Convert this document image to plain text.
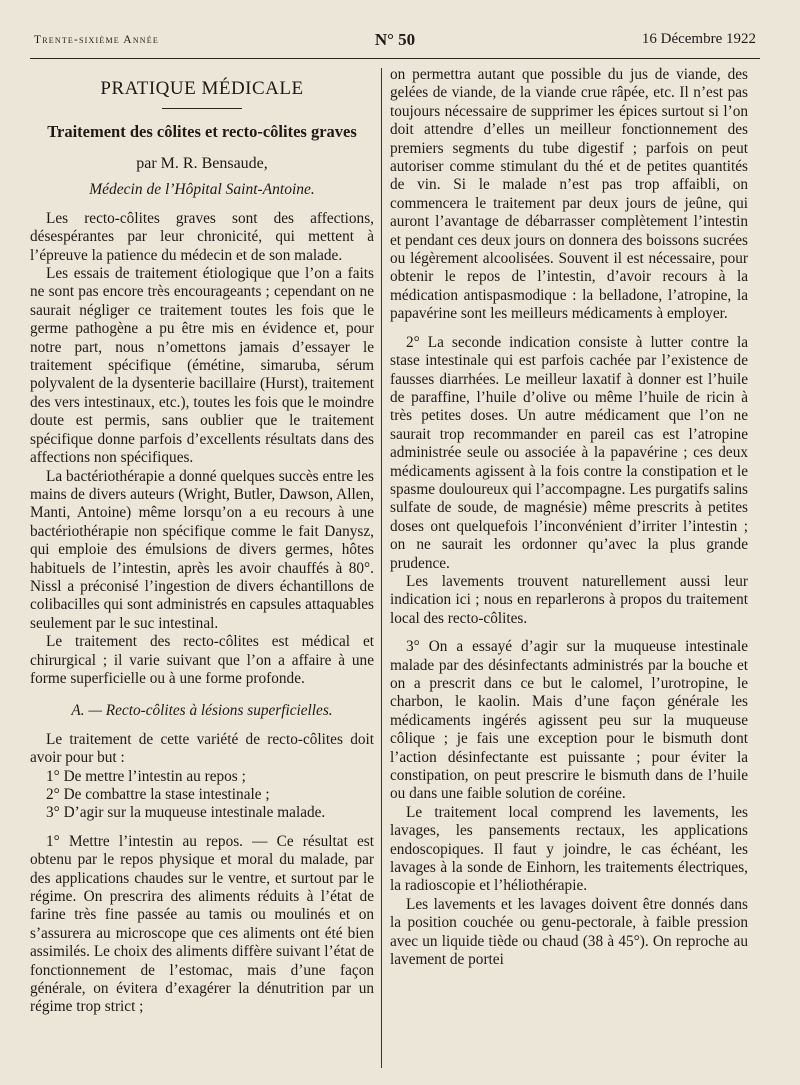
Trente-sixième Année	N° 50	16 Décembre 1922
PRATIQUE MÉDICALE
Traitement des côlites et recto-côlites graves
par M. R. Bensaude,
Médecin de l’Hôpital Saint-Antoine.

Les recto-côlites graves sont des affections, désespérantes par leur chronicité, qui mettent à l’épreuve la patience du médecin et de son malade.

Les essais de traitement étiologique que l’on a faits ne sont pas encore très encourageants ; cependant on ne saurait négliger ce traitement toutes les fois que le germe pathogène a pu être mis en évidence et, pour notre part, nous n’omettons jamais d’essayer le traitement spécifique (émétine, simaruba, sérum polyvalent de la dysenterie bacillaire (Hurst), traitement des vers intestinaux, etc.), toutes les fois que le moindre doute est permis, sans oublier que le traitement spécifique donne parfois d’excellents résultats dans des affections non spécifiques.

La bactériothérapie a donné quelques succès entre les mains de divers auteurs (Wright, Butler, Dawson, Allen, Manti, Antoine) même lorsqu’on a eu recours à une bactériothérapie non spécifique comme le fait Danysz, qui emploie des émulsions de divers germes, hôtes habituels de l’intestin, après les avoir chauffés à 80°. Nissl a préconisé l’ingestion de divers échantillons de colibacilles qui sont administrés en capsules attaquables seulement par le suc intestinal.

Le traitement des recto-côlites est médical et chirurgical ; il varie suivant que l’on a affaire à une forme superficielle ou à une forme profonde.

A. — Recto-côlites à lésions superficielles.

Le traitement de cette variété de recto-côlites doit avoir pour but :

1° De mettre l’intestin au repos ;

2° De combattre la stase intestinale ;

3° D’agir sur la muqueuse intestinale malade.

1° Mettre l’intestin au repos. — Ce résultat est obtenu par le repos physique et moral du malade, par des applications chaudes sur le ventre, et surtout par le régime. On prescrira des aliments réduits à l’état de farine très fine passée au tamis ou moulinés et on s’assurera au microscope que ces aliments ont été bien assimilés. Le choix des aliments diffère suivant l’état de fonctionnement de l’estomac, mais d’une façon générale, on évitera d’exagérer la dénutrition par un régime trop strict ;

on permettra autant que possible du jus de viande, des gelées de viande, de la viande crue râpée, etc. Il n’est pas toujours nécessaire de supprimer les épices surtout si l’on doit attendre d’elles un meilleur fonctionnement des premiers segments du tube digestif ; parfois on peut autoriser comme stimulant du thé et de petites quantités de vin. Si le malade n’est pas trop affaibli, on commencera le traitement par deux jours de jeûne, qui auront l’avantage de débarrasser complètement l’intestin et pendant ces deux jours on donnera des boissons sucrées ou légèrement alcoolisées. Souvent il est nécessaire, pour obtenir le repos de l’intestin, d’avoir recours à la médication antispasmodique : la belladone, l’atropine, la papavérine sont les meilleurs médicaments à employer.

2° La seconde indication consiste à lutter contre la stase intestinale qui est parfois cachée par l’existence de fausses diarrhées. Le meilleur laxatif à donner est l’huile de paraffine, l’huile d’olive ou même l’huile de ricin à très petites doses. Un autre médicament que l’on ne saurait trop recommander en pareil cas est l’atropine administrée seule ou associée à la papavérine ; ces deux médicaments agissent à la fois contre la constipation et le spasme douloureux qui l’accompagne. Les purgatifs salins sulfate de soude, de magnésie) même prescrits à petites doses ont quelquefois l’inconvénient d’irriter l’intestin ; on ne saurait les ordonner qu’avec la plus grande prudence.

Les lavements trouvent naturellement aussi leur indication ici ; nous en reparlerons à propos du traitement local des recto-côlites.

3° On a essayé d’agir sur la muqueuse intestinale malade par des désinfectants administrés par la bouche et on a prescrit dans ce but le calomel, l’urotropine, le charbon, le kaolin. Mais d’une façon générale les médicaments ingérés agissent peu sur la muqueuse côlique ; je fais une exception pour le bismuth dont l’action désinfectante est puissante ; pour éviter la constipation, on peut prescrire le bismuth dans de l’huile ou dans une faible solution de coréine.

Le traitement local comprend les lavements, les lavages, les pansements rectaux, les applications endoscopiques. Il faut y joindre, le cas échéant, les lavages à la sonde de Einhorn, les traitements électriques, la radioscopie et l’héliothérapie.

Les lavements et les lavages doivent être donnés dans la position couchée ou genu-pectorale, à faible pression avec un liquide tiède ou chaud (38 à 45°). On reproche au lavement de portei
